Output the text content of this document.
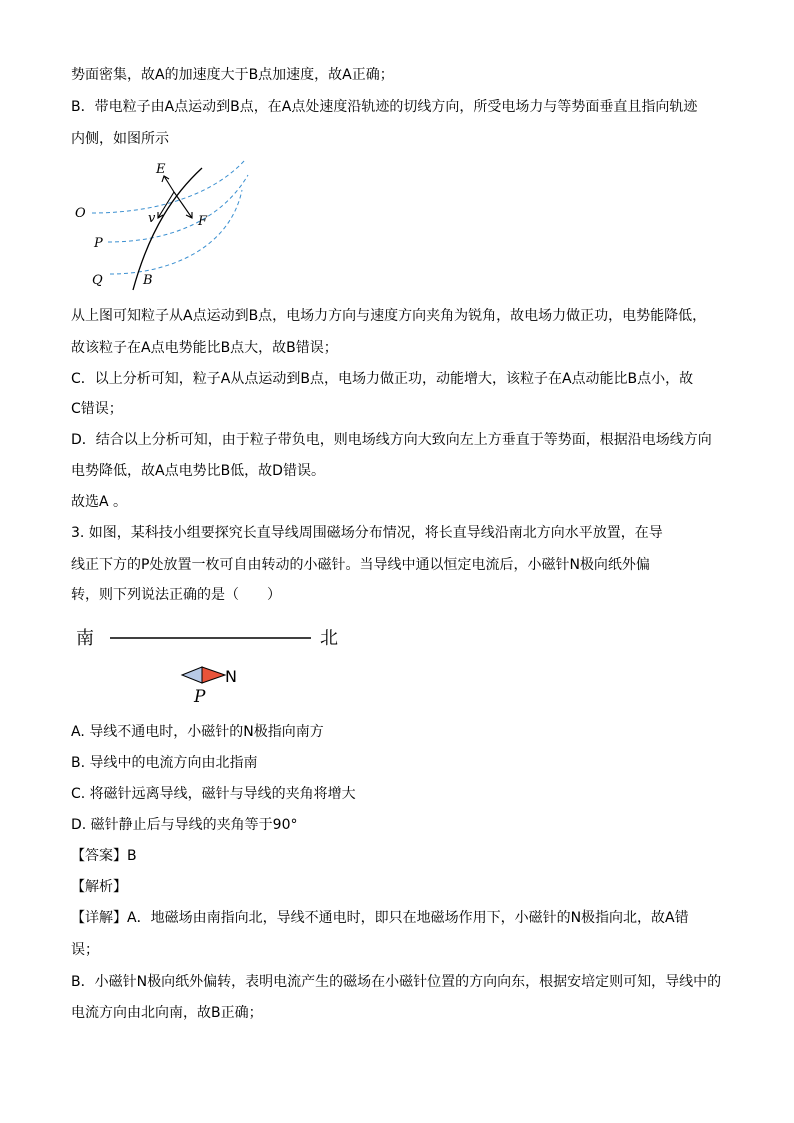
势面密集，故A的加速度大于B点加速度，故A正确；
B．带电粒子由A点运动到B点，在A点处速度沿轨迹的切线方向，所受电场力与等势面垂直且指向轨迹
内侧，如图所示
E
v	F
O
P
Q	B
从上图可知粒子从A点运动到B点，电场力方向与速度方向夹角为锐角，故电场力做正功，电势能降低，
故该粒子在A点电势能比B点大，故B错误；
C．以上分析可知，粒子A从点运动到B点，电场力做正功，动能增大，该粒子在A点动能比B点小，故
C错误；
D．结合以上分析可知，由于粒子带负电，则电场线方向大致向左上方垂直于等势面，根据沿电场线方向
电势降低，故A点电势比B低，故D错误。
故选A 。
3. 如图，某科技小组要探究长直导线周围磁场分布情况，将长直导线沿南北方向水平放置，在导
线正下方的P处放置一枚可自由转动的小磁针。当导线中通以恒定电流后，小磁针N极向纸外偏
转，则下列说法正确的是（　　）
南	北
N
P
A. 导线不通电时，小磁针的N极指向南方
B. 导线中的电流方向由北指南
C. 将磁针远离导线，磁针与导线的夹角将增大
D. 磁针静止后与导线的夹角等于90°
【答案】B
【解析】
【详解】A．地磁场由南指向北，导线不通电时，即只在地磁场作用下，小磁针的N极指向北，故A错
误；
B．小磁针N极向纸外偏转，表明电流产生的磁场在小磁针位置的方向向东，根据安培定则可知，导线中的
电流方向由北向南，故B正确；
